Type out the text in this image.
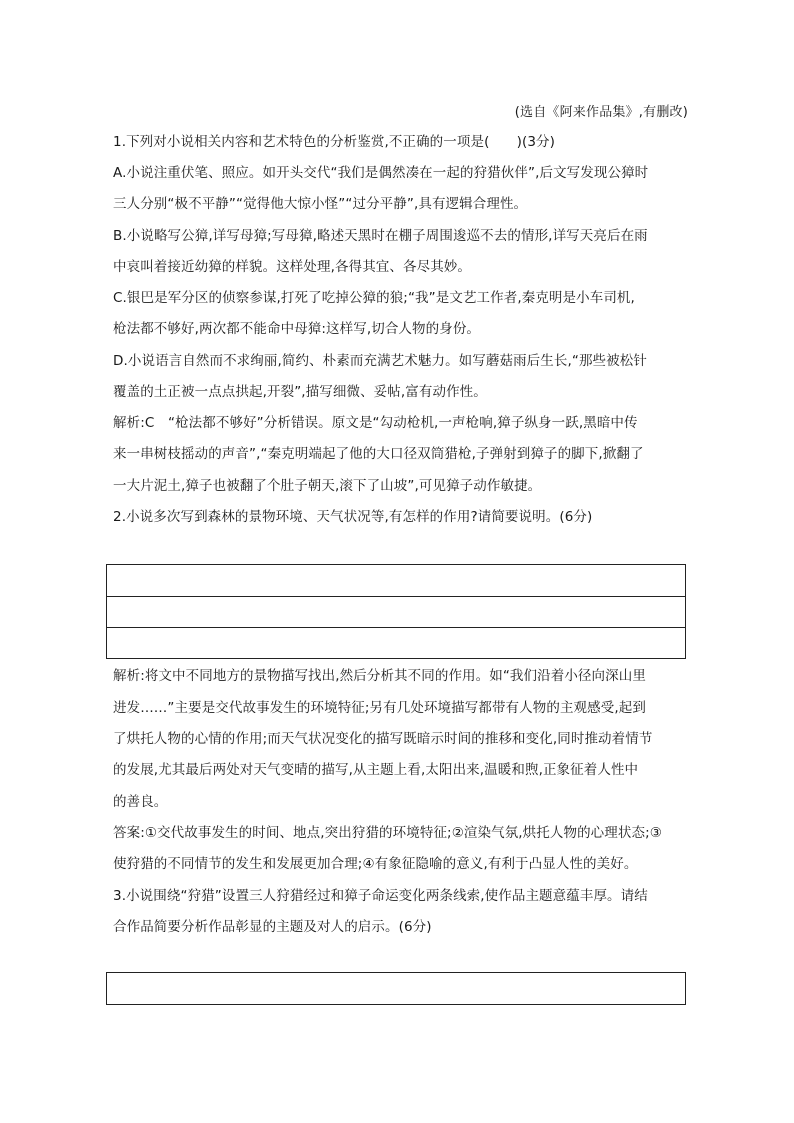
(选自《阿来作品集》,有删改)
1.下列对小说相关内容和艺术特色的分析鉴赏,不正确的一项是(　　)(3分)
A.小说注重伏笔、照应。如开头交代“我们是偶然凑在一起的狩猎伙伴”,后文写发现公獐时
三人分别“极不平静”“觉得他大惊小怪”“过分平静”,具有逻辑合理性。
B.小说略写公獐,详写母獐;写母獐,略述天黑时在棚子周围逡巡不去的情形,详写天亮后在雨
中哀叫着接近幼獐的样貌。这样处理,各得其宜、各尽其妙。
C.银巴是军分区的侦察参谋,打死了吃掉公獐的狼;“我”是文艺工作者,秦克明是小车司机,
枪法都不够好,两次都不能命中母獐:这样写,切合人物的身份。
D.小说语言自然而不求绚丽,简约、朴素而充满艺术魅力。如写蘑菇雨后生长,“那些被松针
覆盖的土正被一点点拱起,开裂”,描写细微、妥帖,富有动作性。
解析:C　“枪法都不够好”分析错误。原文是“勾动枪机,一声枪响,獐子纵身一跃,黑暗中传
来一串树枝摇动的声音”,“秦克明端起了他的大口径双筒猎枪,子弹射到獐子的脚下,掀翻了
一大片泥土,獐子也被翻了个肚子朝天,滚下了山坡”,可见獐子动作敏捷。
2.小说多次写到森林的景物环境、天气状况等,有怎样的作用?请简要说明。(6分)
解析:将文中不同地方的景物描写找出,然后分析其不同的作用。如“我们沿着小径向深山里
进发……”主要是交代故事发生的环境特征;另有几处环境描写都带有人物的主观感受,起到
了烘托人物的心情的作用;而天气状况变化的描写既暗示时间的推移和变化,同时推动着情节
的发展,尤其最后两处对天气变晴的描写,从主题上看,太阳出来,温暖和煦,正象征着人性中
的善良。
答案:①交代故事发生的时间、地点,突出狩猎的环境特征;②渲染气氛,烘托人物的心理状态;③
使狩猎的不同情节的发生和发展更加合理;④有象征隐喻的意义,有利于凸显人性的美好。
3.小说围绕“狩猎”设置三人狩猎经过和獐子命运变化两条线索,使作品主题意蕴丰厚。请结
合作品简要分析作品彰显的主题及对人的启示。(6分)
